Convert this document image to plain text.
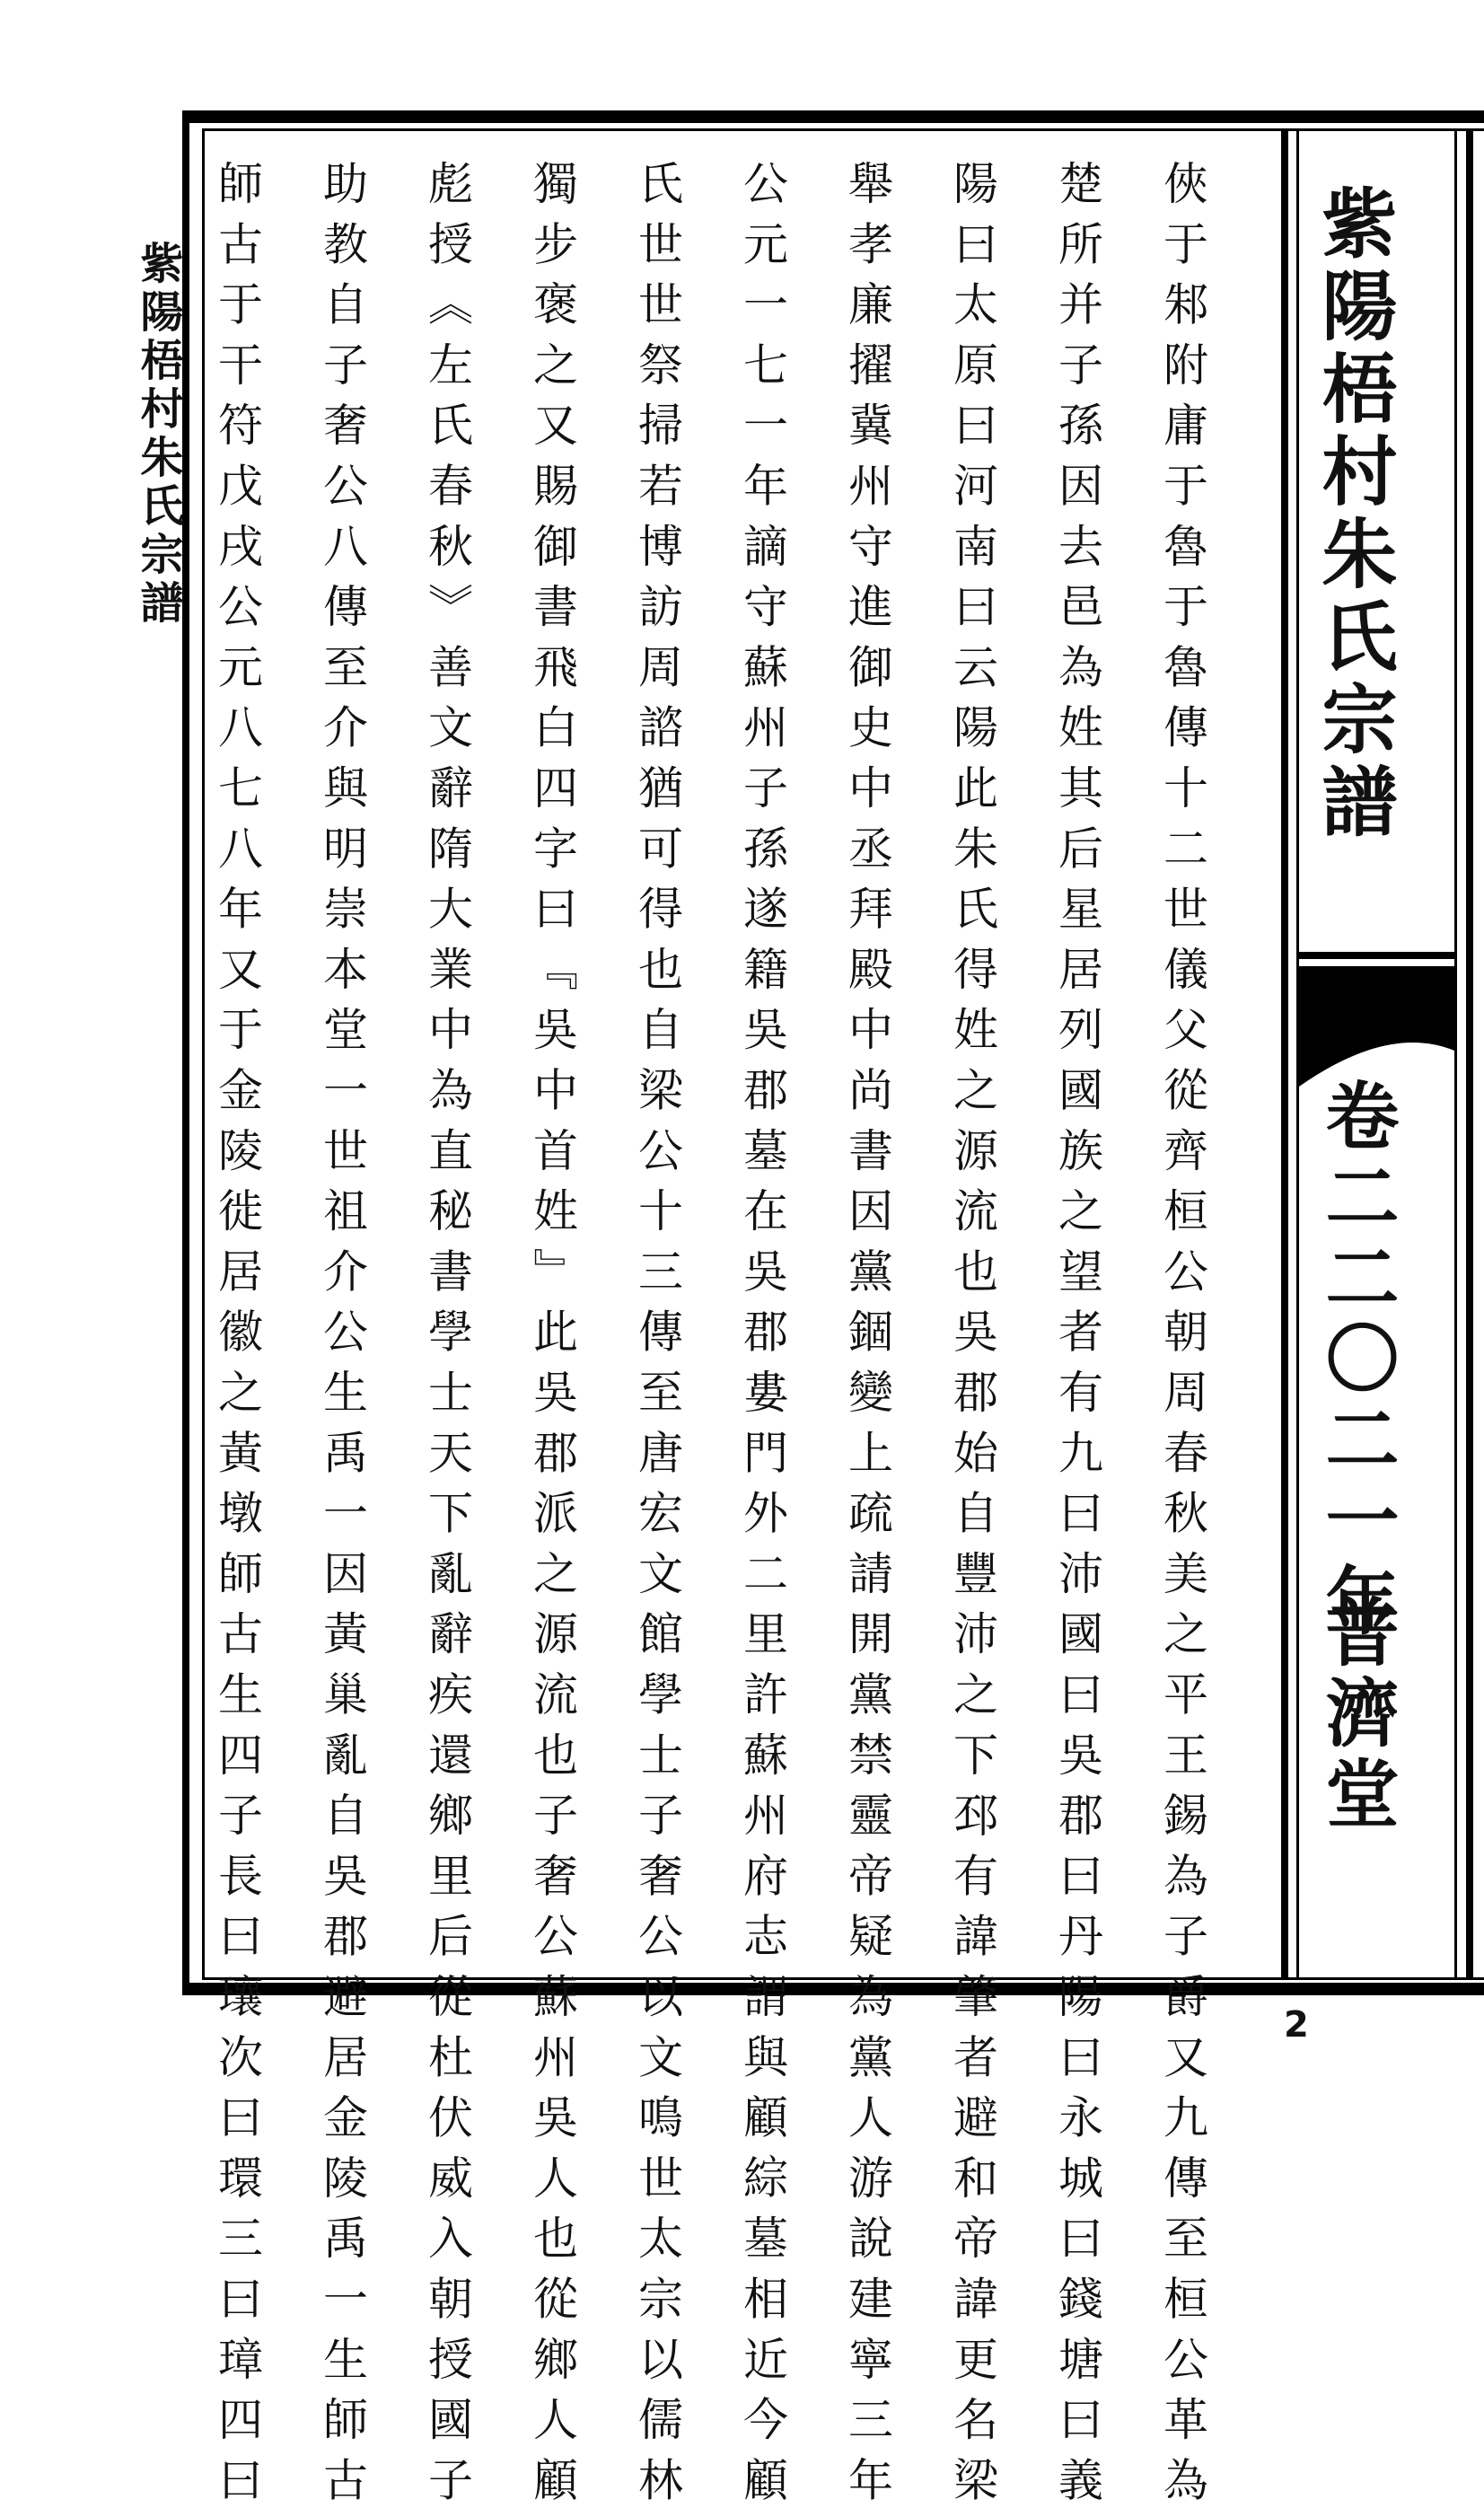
紫陽梧村朱氏宗譜	俠于邾附庸于魯于魯傳十二世儀父從齊桓公朝周春秋美之平王錫為子爵又九傳至桓公革為
楚所并子孫因去邑為姓其后星居列國族之望者有九曰沛國曰吳郡曰丹陽曰永城曰錢塘曰義
陽曰太原曰河南曰云陽此朱氏得姓之源流也吳郡始自豐沛之下邳有諱肇者避和帝諱更名梁
舉孝廉擢冀州守進御史中丞拜殿中尚書因黨錮變上疏請開黨禁靈帝疑為黨人游說建寧三年
公元一七一年謫守蘇州子孫遂籍吳郡墓在吳郡婁門外二里許蘇州府志謂與顧綜墓相近今顧
氏世世祭掃若博訪周諮猶可得也自梁公十三傳至唐宏文館學士子奢公以文鳴世太宗以儒林
獨步褒之又賜御書飛白四字曰『吳中首姓』此吳郡派之源流也子奢公蘇州吳人也從鄉人顧
彪授《左氏春秋》善文辭隋大業中為直秘書學士天下亂辭疾還鄉里后從杜伏威入朝授國子
助教自子奢公八傳至介與明崇本堂一世祖介公生禹一因黃巢亂自吳郡避居金陵禹一生師古
師古于干符戊戌公元八七八年又于金陵徙居徽之黃墩師古生四子長曰瓖次曰環三曰璋四曰	紫陽梧村朱氏宗譜
卷二二〇二一年
普濟堂
2
